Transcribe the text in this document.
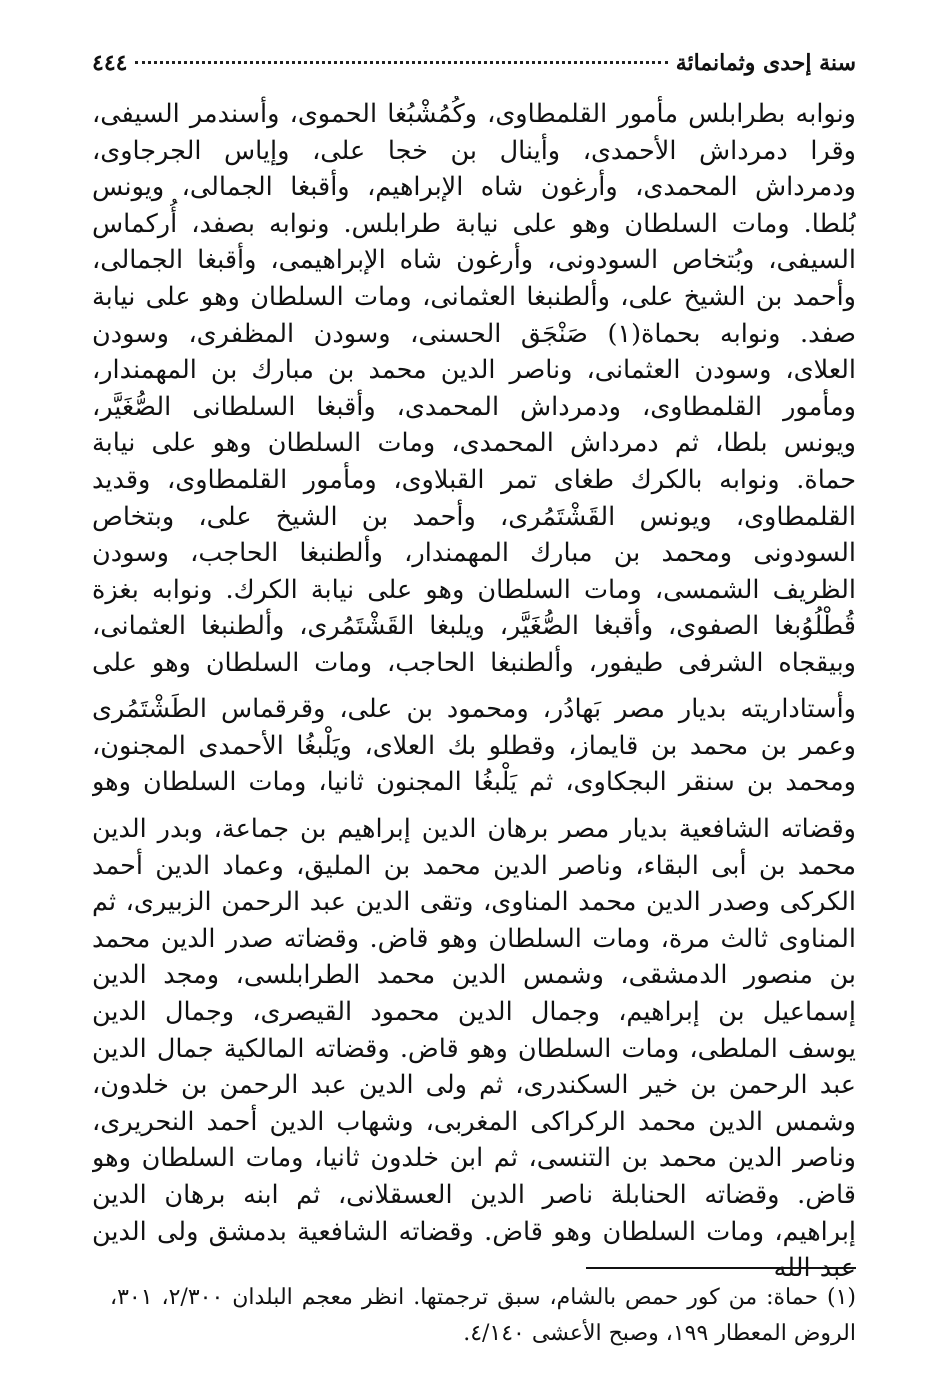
سنة إحدى وثمانمائة
٤٤٤

ونوابه بطرابلس مأمور القلمطاوى، وكُمُشْبُغا الحموى، وأسندمر السيفى، وقرا دمرداش الأحمدى، وأينال بن خجا على، وإياس الجرجاوى، ودمرداش المحمدى، وأرغون شاه الإبراهيم، وأقبغا الجمالى، ويونس بُلطا. ومات السلطان وهو على نيابة طرابلس. ونوابه بصفد، أُركماس السيفى، وبُتخاص السودونى، وأرغون شاه الإبراهيمى، وأقبغا الجمالى، وأحمد بن الشيخ على، وألطنبغا العثمانى، ومات السلطان وهو على نيابة صفد. ونوابه بحماة(١) صَنْجَق الحسنى، وسودن المظفرى، وسودن العلاى، وسودن العثمانى، وناصر الدين محمد بن مبارك بن المهمندار، ومأمور القلمطاوى، ودمرداش المحمدى، وأقبغا السلطانى الصُّغَيَّر، ويونس بلطا، ثم دمرداش المحمدى، ومات السلطان وهو على نيابة حماة. ونوابه بالكرك طغاى تمر القبلاوى، ومأمور القلمطاوى، وقديد القلمطاوى، ويونس القَشْتَمُرى، وأحمد بن الشيخ على، وبتخاص السودونى ومحمد بن مبارك المهمندار، وألطنبغا الحاجب، وسودن الظريف الشمسى، ومات السلطان وهو على نيابة الكرك. ونوابه بغزة قُطْلُوُبغا الصفوى، وأقبغا الصُّغَيَّر، ويلبغا القَشْتَمُرى، وألطنبغا العثمانى، وبيقجاه الشرفى طيفور، وألطنبغا الحاجب، ومات السلطان وهو على

وأستاداريته بديار مصر بَهادُر، ومحمود بن على، وقرقماس الطَشْتَمُرى وعمر بن محمد بن قايماز، وقطلو بك العلاى، ويَلْبغُا الأحمدى المجنون، ومحمد بن سنقر البجكاوى، ثم يَلْبغُا المجنون ثانيا، ومات السلطان وهو

وقضاته الشافعية بديار مصر برهان الدين إبراهيم بن جماعة، وبدر الدين محمد بن أبى البقاء، وناصر الدين محمد بن المليق، وعماد الدين أحمد الكركى وصدر الدين محمد المناوى، وتقى الدين عبد الرحمن الزبيرى، ثم المناوى ثالث مرة، ومات السلطان وهو قاض. وقضاته صدر الدين محمد بن منصور الدمشقى، وشمس الدين محمد الطرابلسى، ومجد الدين إسماعيل بن إبراهيم، وجمال الدين محمود القيصرى، وجمال الدين يوسف الملطى، ومات السلطان وهو قاض. وقضاته المالكية جمال الدين عبد الرحمن بن خير السكندرى، ثم ولى الدين عبد الرحمن بن خلدون، وشمس الدين محمد الركراكى المغربى، وشهاب الدين أحمد النحريرى، وناصر الدين محمد بن التنسى، ثم ابن خلدون ثانيا، ومات السلطان وهو قاض. وقضاته الحنابلة ناصر الدين العسقلانى، ثم ابنه برهان الدين إبراهيم، ومات السلطان وهو قاض. وقضاته الشافعية بدمشق ولى الدين عبد الله

(١) حماة: من كور حمص بالشام، سبق ترجمتها. انظر معجم البلدان ٢/٣٠٠، ٣٠١، الروض المعطار ١٩٩، وصبح الأعشى ٤/١٤٠.
